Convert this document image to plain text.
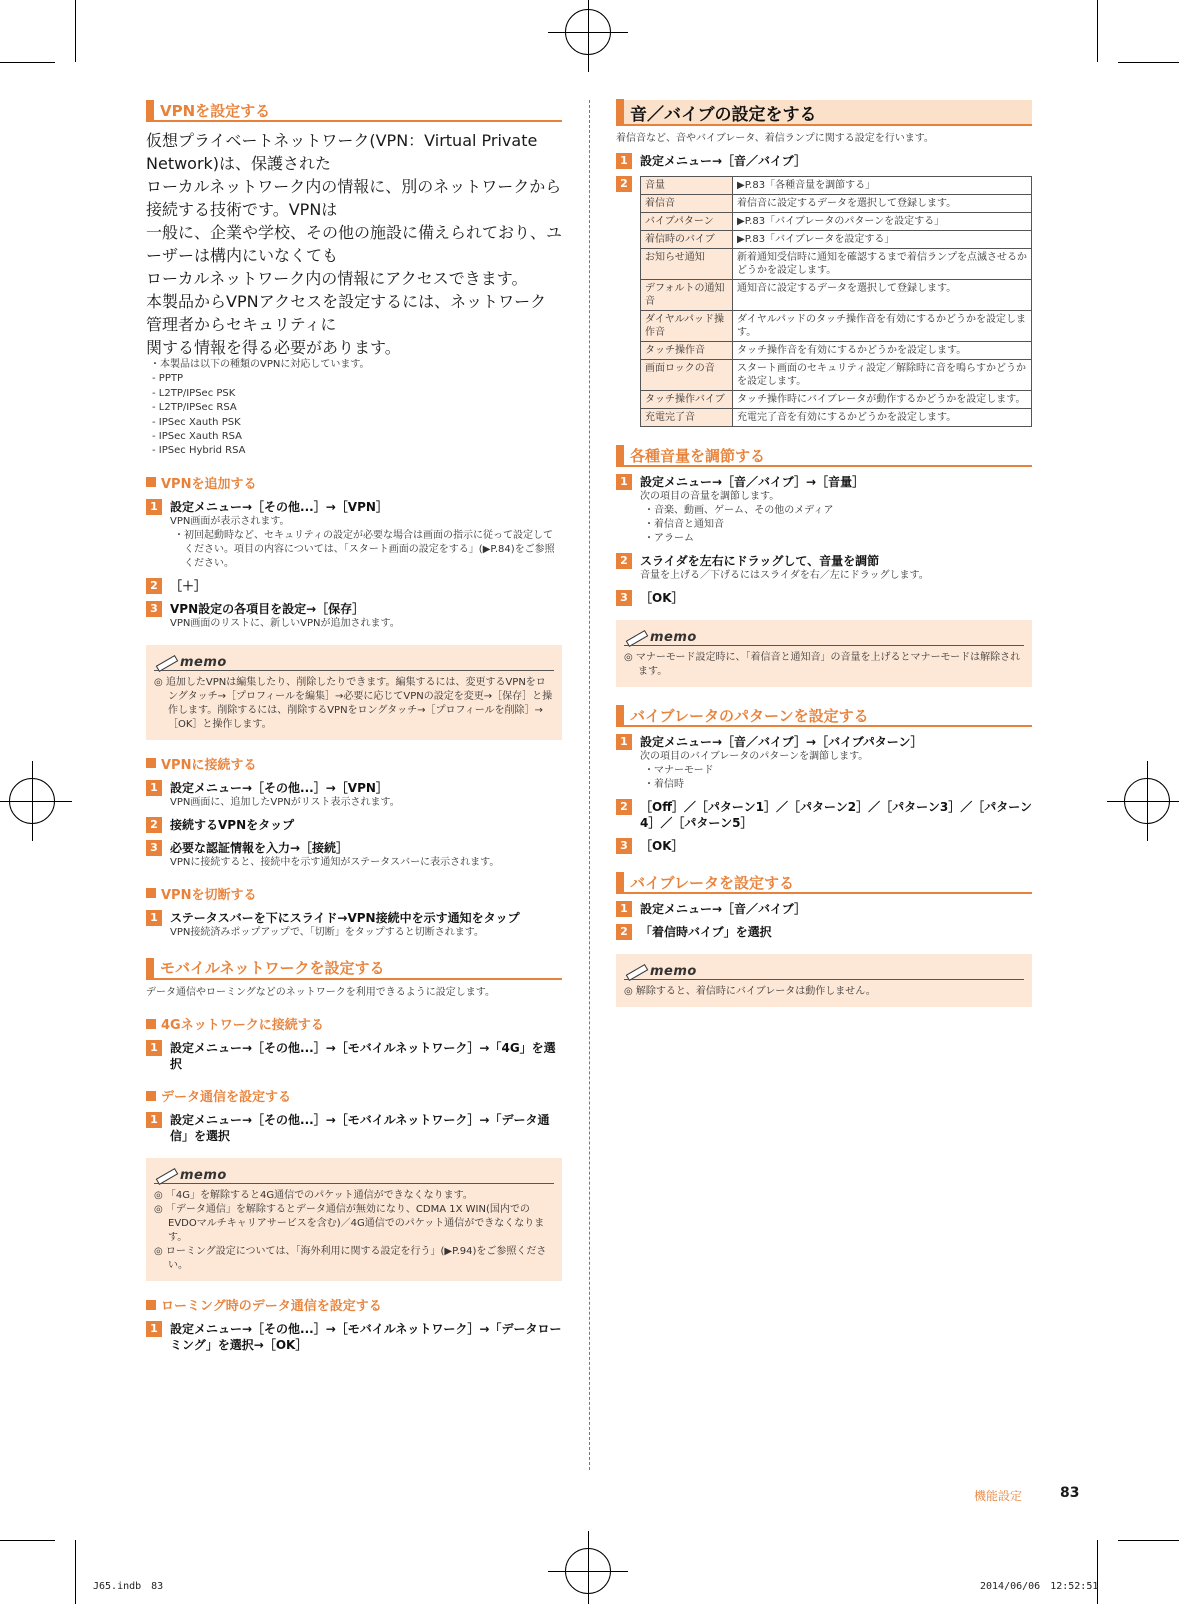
VPNを設定する
仮想プライベートネットワーク(VPN：Virtual Private Network)は、保護された
ローカルネットワーク内の情報に、別のネットワークから接続する技術です。VPNは
一般に、企業や学校、その他の施設に備えられており、ユーザーは構内にいなくても
ローカルネットワーク内の情報にアクセスできます。
本製品からVPNアクセスを設定するには、ネットワーク管理者からセキュリティに
関する情報を得る必要があります。
・本製品は以下の種類のVPNに対応しています。
- PPTP
- L2TP/IPSec PSK
- L2TP/IPSec RSA
- IPSec Xauth PSK
- IPSec Xauth RSA
- IPSec Hybrid RSA
VPNを追加する
1	設定メニュー→［その他...］→［VPN］
VPN画面が表示されます。
・初回起動時など、セキュリティの設定が必要な場合は画面の指示に従って設定してください。項目の内容については、「スタート画面の設定をする」(▶P.84)をご参照ください。
2	［＋］
3	VPN設定の各項目を設定→［保存］
VPN画面のリストに、新しいVPNが追加されます。
memo
◎ 追加したVPNは編集したり、削除したりできます。編集するには、変更するVPNをロングタッチ→［プロフィールを編集］→必要に応じてVPNの設定を変更→［保存］と操作します。削除するには、削除するVPNをロングタッチ→［プロフィールを削除］→［OK］と操作します。
VPNに接続する
1	設定メニュー→［その他...］→［VPN］
VPN画面に、追加したVPNがリスト表示されます。
2	接続するVPNをタップ
3	必要な認証情報を入力→［接続］
VPNに接続すると、接続中を示す通知がステータスバーに表示されます。
VPNを切断する
1	ステータスバーを下にスライド→VPN接続中を示す通知をタップ
VPN接続済みポップアップで、「切断」をタップすると切断されます。
モバイルネットワークを設定する

データ通信やローミングなどのネットワークを利用できるように設定します。

4Gネットワークに接続する
1	設定メニュー→［その他...］→［モバイルネットワーク］→「4G」を選択
データ通信を設定する
1	設定メニュー→［その他...］→［モバイルネットワーク］→「データ通信」を選択
memo
◎ 「4G」を解除すると4G通信でのパケット通信ができなくなります。
◎ 「データ通信」を解除するとデータ通信が無効になり、CDMA 1X WIN(国内でのEVDOマルチキャリアサービスを含む)／4G通信でのパケット通信ができなくなります。
◎ ローミング設定については、「海外利用に関する設定を行う」(▶P.94)をご参照ください。
ローミング時のデータ通信を設定する
1	設定メニュー→［その他...］→［モバイルネットワーク］→「データローミング」を選択→［OK］
音／バイブの設定をする

着信音など、音やバイブレータ、着信ランプに関する設定を行います。

1	設定メニュー→［音／バイブ］
2	音量	▶P.83「各種音量を調節する」
着信音	着信音に設定するデータを選択して登録します。
バイブパターン	▶P.83「バイブレータのパターンを設定する」
着信時のバイブ	▶P.83「バイブレータを設定する」
お知らせ通知	新着通知受信時に通知を確認するまで着信ランプを点滅させるかどうかを設定します。
デフォルトの通知音	通知音に設定するデータを選択して登録します。
ダイヤルパッド操作音	ダイヤルパッドのタッチ操作音を有効にするかどうかを設定します。
タッチ操作音	タッチ操作音を有効にするかどうかを設定します。
画面ロックの音	スタート画面のセキュリティ設定／解除時に音を鳴らすかどうかを設定します。
タッチ操作バイブ	タッチ操作時にバイブレータが動作するかどうかを設定します。
充電完了音	充電完了音を有効にするかどうかを設定します。
各種音量を調節する
1	設定メニュー→［音／バイブ］→［音量］
次の項目の音量を調節します。
・音楽、動画、ゲーム、その他のメディア
・着信音と通知音
・アラーム
2	スライダを左右にドラッグして、音量を調節
音量を上げる／下げるにはスライダを右／左にドラッグします。
3	［OK］
memo
◎ マナーモード設定時に、「着信音と通知音」の音量を上げるとマナーモードは解除されます。
バイブレータのパターンを設定する
1	設定メニュー→［音／バイブ］→［バイブパターン］
次の項目のバイブレータのパターンを調節します。
・マナーモード
・着信時
2	［Off］／［パターン1］／［パターン2］／［パターン3］／［パターン4］／［パターン5］
3	［OK］
バイブレータを設定する
1	設定メニュー→［音／バイブ］
2	「着信時バイブ」を選択
memo
◎ 解除すると、着信時にバイブレータは動作しません。
機能設定	83
J65.indb　83	2014/06/06　12:52:51
